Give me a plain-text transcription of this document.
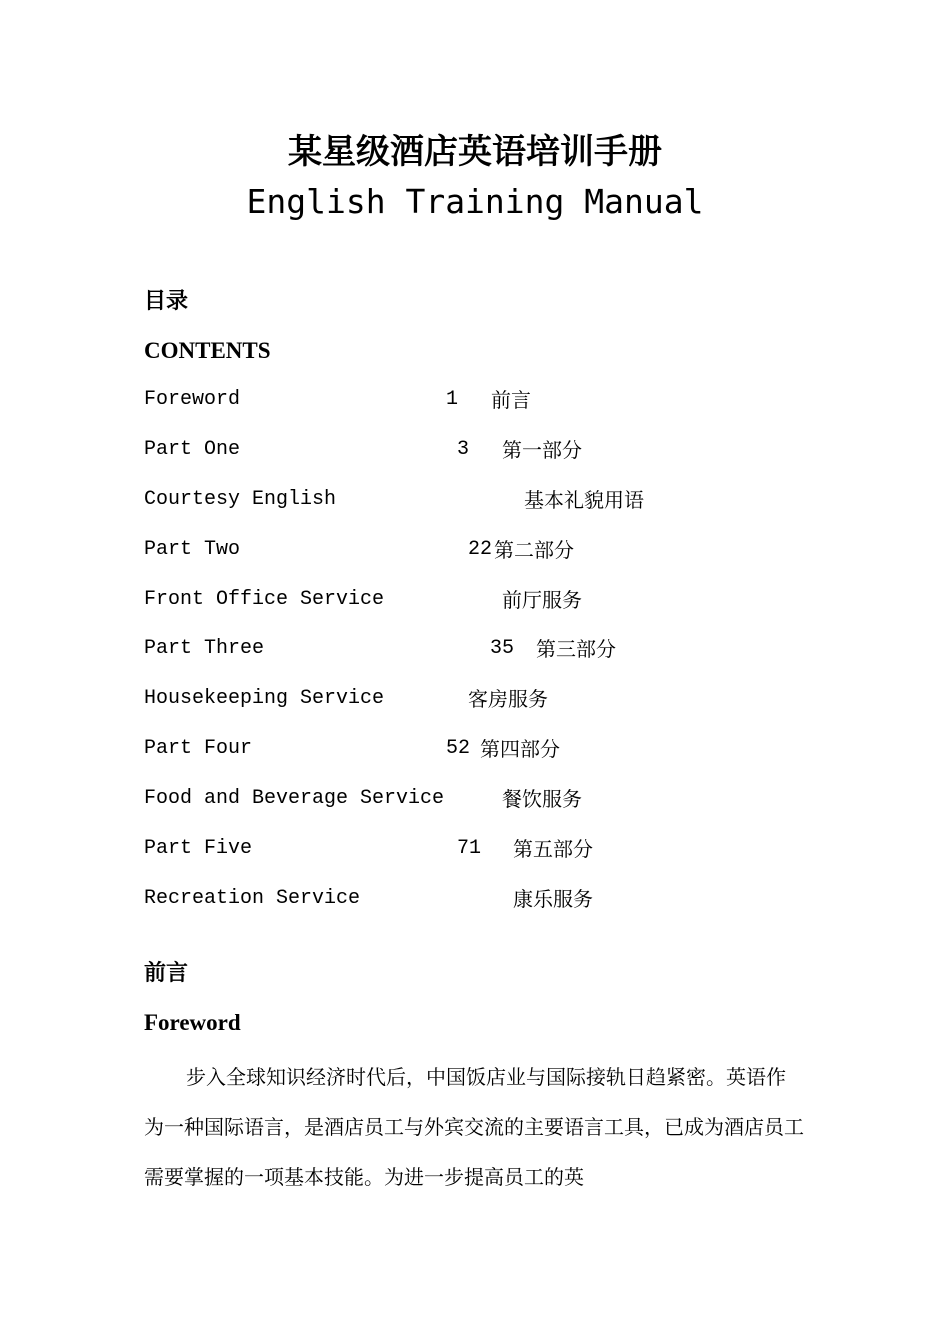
某星级酒店英语培训手册
English Training Manual
目录
CONTENTS
Foreword	1 前言
Part One	3 第一部分
Courtesy English	基本礼貌用语
Part Two	22 第二部分
Front Office Service	前厅服务
Part Three	35 第三部分
Housekeeping Service	客房服务
Part Four	52 第四部分
Food and Beverage Service	餐饮服务
Part Five	71 第五部分
Recreation Service	康乐服务
前言
Foreword
步入全球知识经济时代后，中国饭店业与国际接轨日趋紧密。英语作为一种国际语言，是酒店员工与外宾交流的主要语言工具，已成为酒店员工需要掌握的一项基本技能。为进一步提高员工的英
